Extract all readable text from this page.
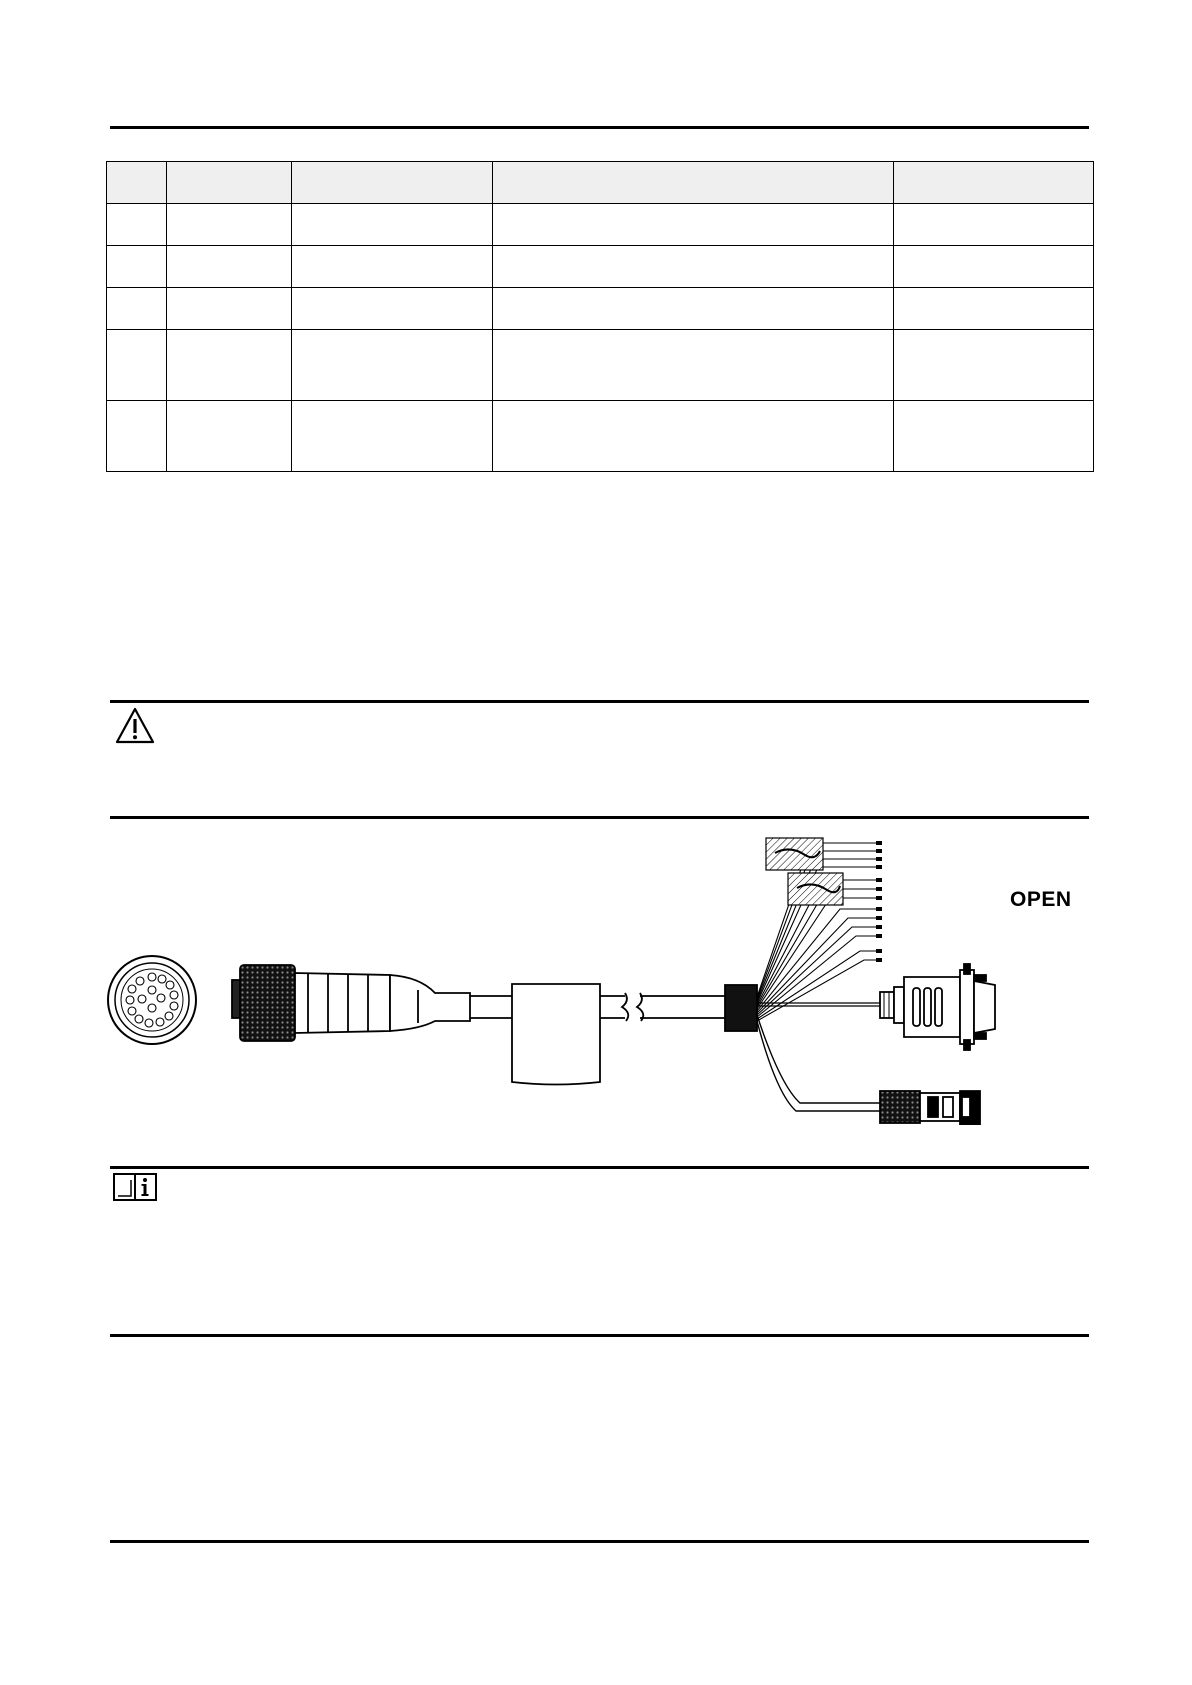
OPEN
